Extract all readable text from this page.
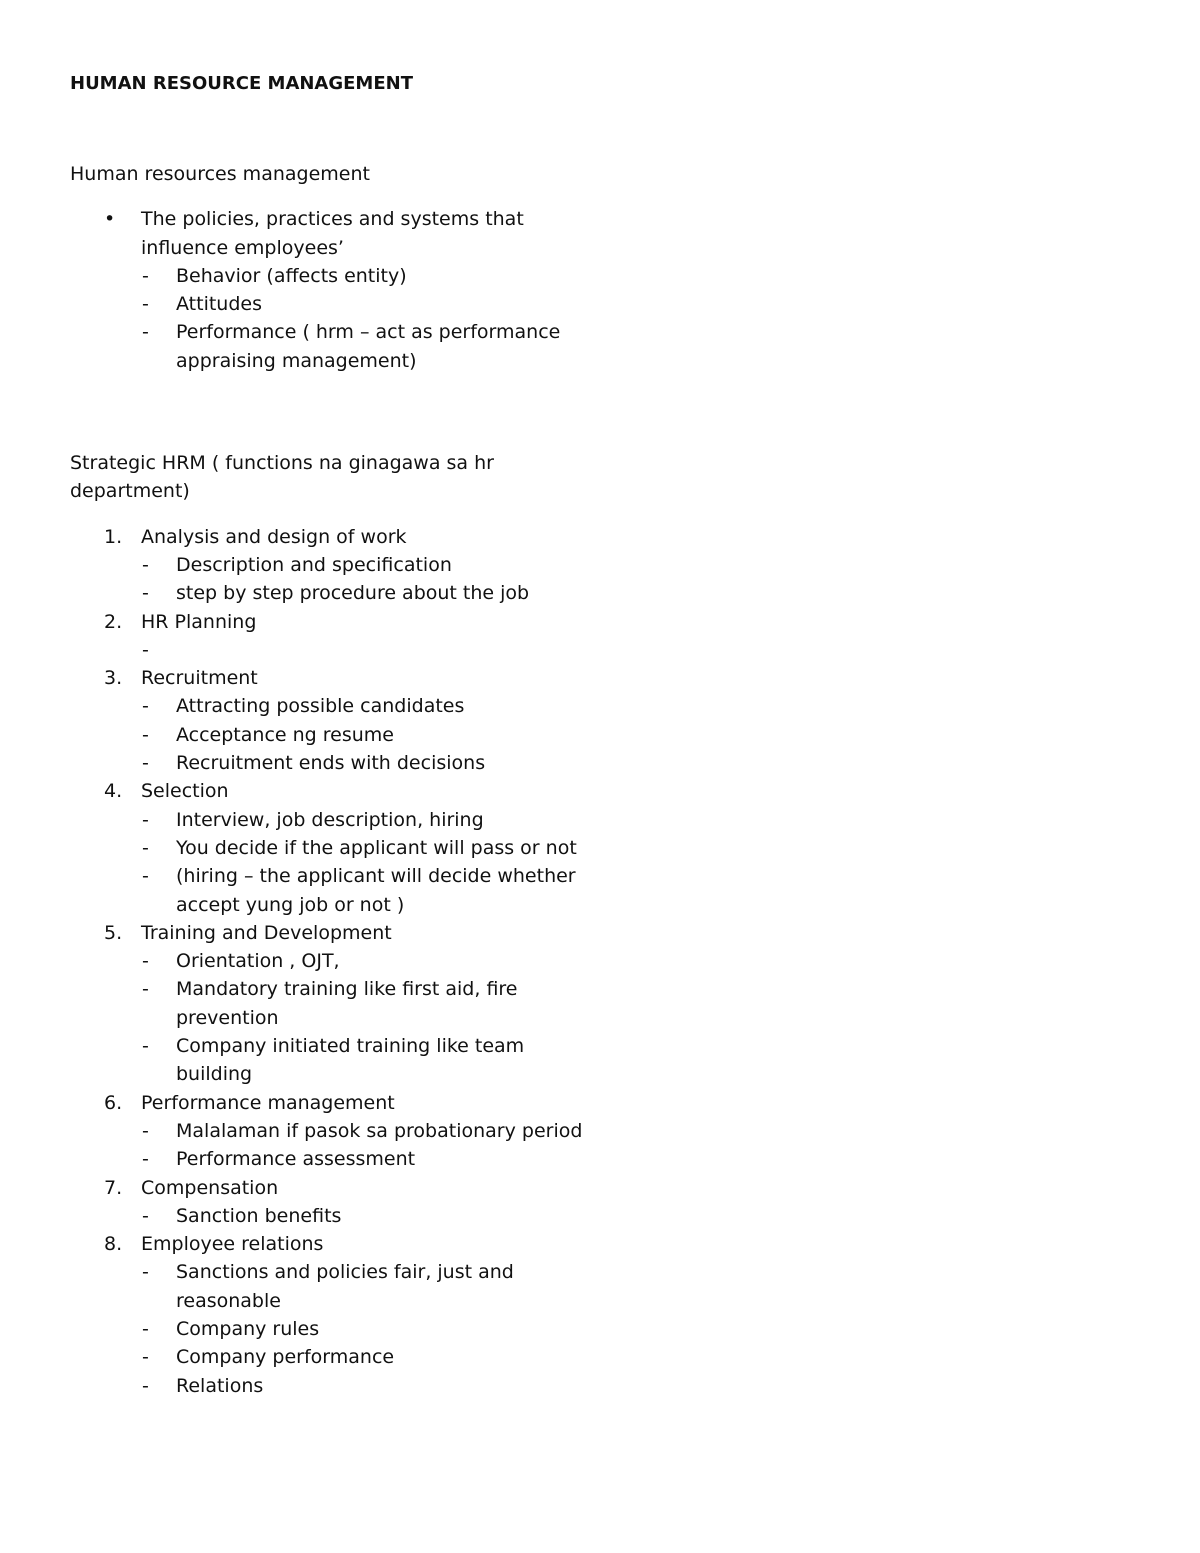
HUMAN RESOURCE MANAGEMENT

Human resources management

• The policies, practices and systems that influence employees’
- Behavior (affects entity)
- Attitudes
- Performance ( hrm – act as performance appraising management)

Strategic HRM ( functions na ginagawa sa hr department)

1. Analysis and design of work
- Description and specification
- step by step procedure about the job
2. HR Planning
-
3. Recruitment
- Attracting possible candidates
- Acceptance ng resume
- Recruitment ends with decisions
4. Selection
- Interview, job description, hiring
- You decide if the applicant will pass or not
- (hiring – the applicant will decide whether accept yung job or not )
5. Training and Development
- Orientation , OJT,
- Mandatory training like first aid, fire prevention
- Company initiated training like team building
6. Performance management
- Malalaman if pasok sa probationary period
- Performance assessment
7. Compensation
- Sanction benefits
8. Employee relations
- Sanctions and policies fair, just and reasonable
- Company rules
- Company performance
- Relations
